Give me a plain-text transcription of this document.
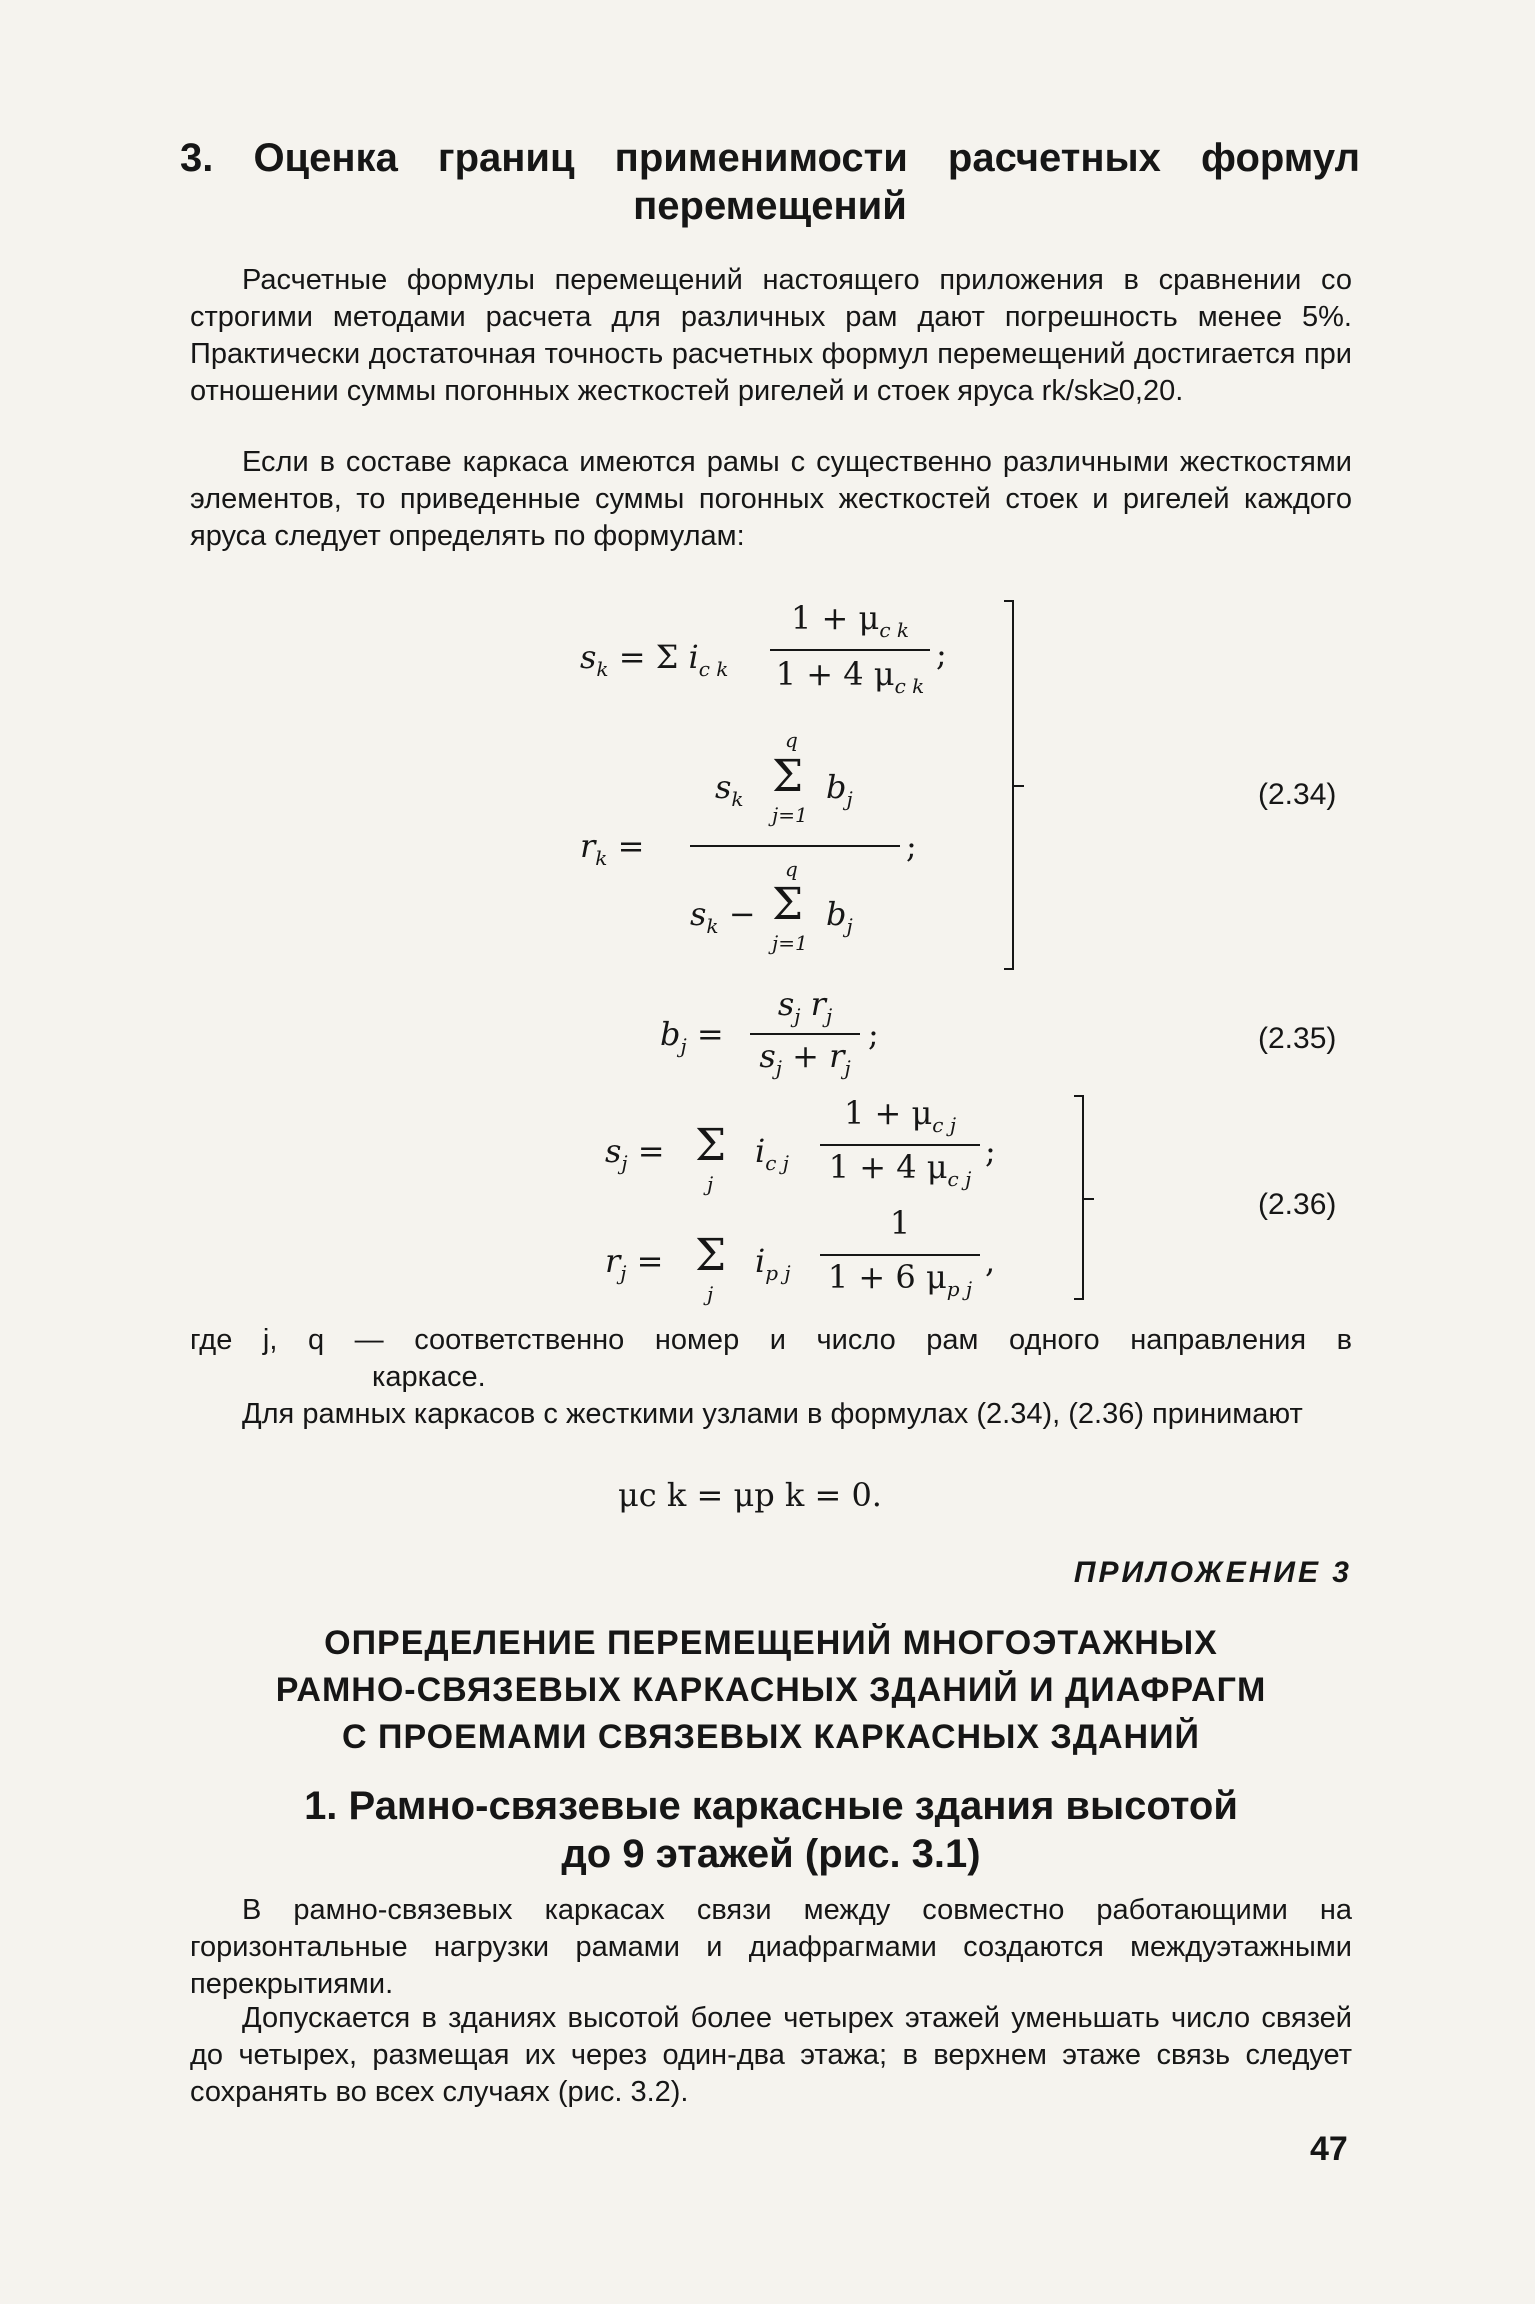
3. Оценка границ применимости расчетных формул
перемещений
Расчетные формулы перемещений настоящего приложения в сравнении со строгими методами расчета для различных рам дают погрешность менее 5%. Практически достаточная точность расчетных формул перемещений достигается при отношении суммы погонных жесткостей ригелей и стоек яруса rk/sk≥0,20.
Если в составе каркаса имеются рамы с существенно различными жесткостями элементов, то приведенные суммы погонных жесткостей стоек и ригелей каждого яруса следует определять по формулам:
$s_k = \Sigma$ $i_{c k}$
$1 + \mu_{c k}$
1 + 4 $\mu_{c k}$
;
$r_k$ =
q
$s_k$ Σ $b_j$
j=1
;
q
$s_k - \Sigma$ $b_j$
j=1
(2.34)
$b_j$ =
$s_j$ $r_j$
$s_j + r_j$
;	(2.35)
$s_j = \Sigma$
j
$i_{c j}$
$1 + \mu_{c j}$
1 + 4 $\mu_{c j}$
;
$r_j = \Sigma$
j
$i_{p j}$
1
1 + 6 $\mu_{p j}$
,
(2.36)
где j, q — соответственно номер и число рам одного направления в
каркасе.
Для рамных каркасов с жесткими узлами в формулах (2.34), (2.36) принимают
μc k = μp k = 0.
ПРИЛОЖЕНИЕ 3
ОПРЕДЕЛЕНИЕ ПЕРЕМЕЩЕНИЙ МНОГОЭТАЖНЫХ
РАМНО-СВЯЗЕВЫХ КАРКАСНЫХ ЗДАНИЙ И ДИАФРАГМ
С ПРОЕМАМИ СВЯЗЕВЫХ КАРКАСНЫХ ЗДАНИЙ
1. Рамно-связевые каркасные здания высотой
до 9 этажей (рис. 3.1)
В рамно-связевых каркасах связи между совместно работающими на горизонтальные нагрузки рамами и диафрагмами создаются междуэтажными перекрытиями.
Допускается в зданиях высотой более четырех этажей уменьшать число связей до четырех, размещая их через один-два этажа; в верхнем этаже связь следует сохранять во всех случаях (рис. 3.2).
47
